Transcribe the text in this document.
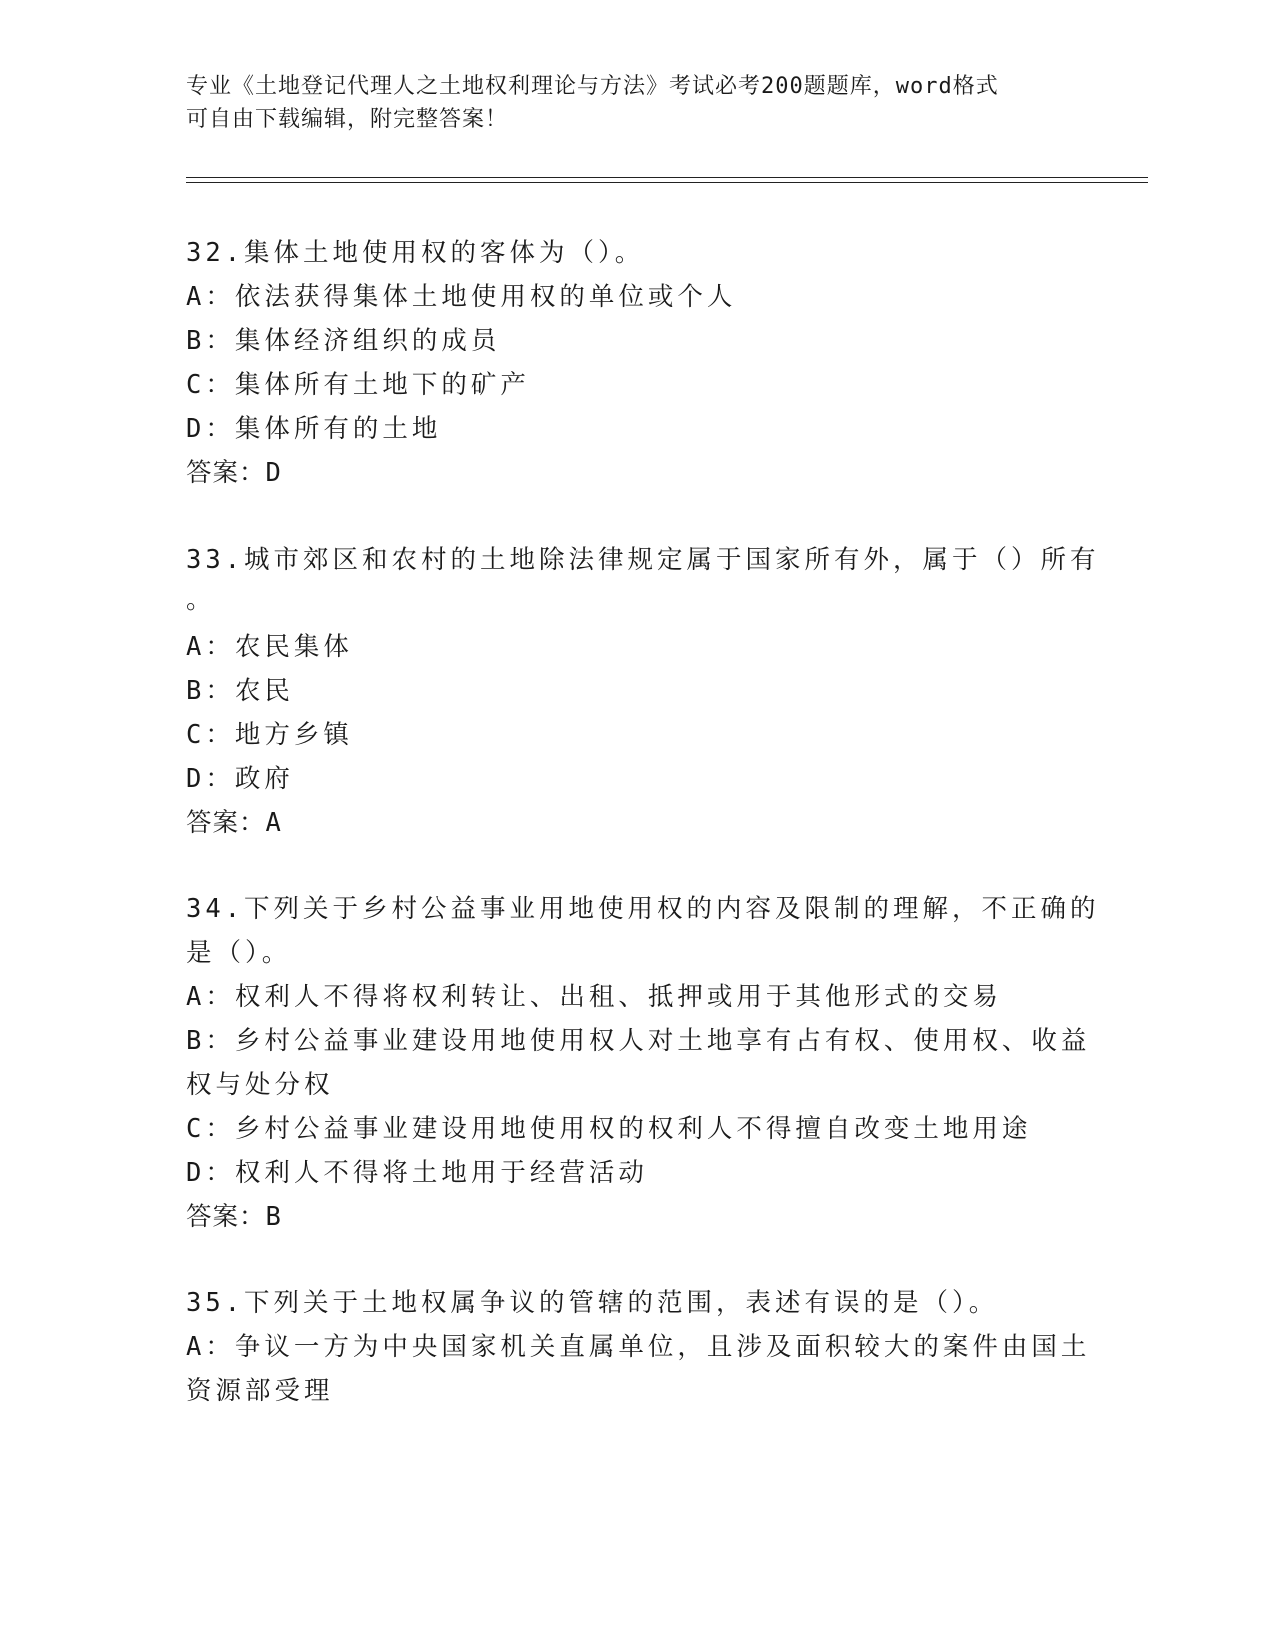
专业《土地登记代理人之土地权利理论与方法》考试必考200题题库，word格式
可自由下载编辑，附完整答案！
32.集体土地使用权的客体为（）。
A：依法获得集体土地使用权的单位或个人
B：集体经济组织的成员
C：集体所有土地下的矿产
D：集体所有的土地
答案：D
33.城市郊区和农村的土地除法律规定属于国家所有外，属于（）所有
。
A：农民集体
B：农民
C：地方乡镇
D：政府
答案：A
34.下列关于乡村公益事业用地使用权的内容及限制的理解，不正确的
是（）。
A：权利人不得将权利转让、出租、抵押或用于其他形式的交易
B：乡村公益事业建设用地使用权人对土地享有占有权、使用权、收益
权与处分权
C：乡村公益事业建设用地使用权的权利人不得擅自改变土地用途
D：权利人不得将土地用于经营活动
答案：B
35.下列关于土地权属争议的管辖的范围，表述有误的是（）。
A：争议一方为中央国家机关直属单位，且涉及面积较大的案件由国土
资源部受理
